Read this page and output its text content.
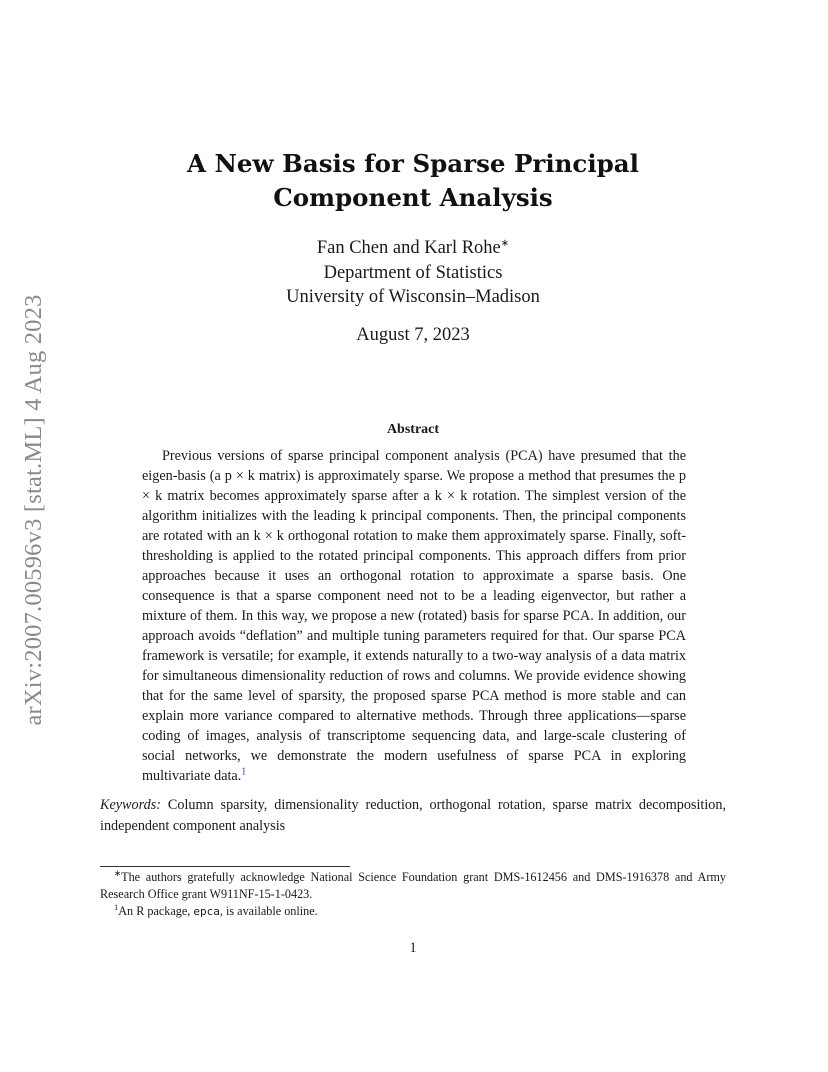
arXiv:2007.00596v3 [stat.ML] 4 Aug 2023
A New Basis for Sparse Principal
Component Analysis
Fan Chen and Karl Rohe∗
Department of Statistics
University of Wisconsin–Madison
August 7, 2023
Abstract

Previous versions of sparse principal component analysis (PCA) have presumed that the eigen-basis (a p × k matrix) is approximately sparse. We propose a method that presumes the p × k matrix becomes approximately sparse after a k × k rotation. The simplest version of the algorithm initializes with the leading k principal components. Then, the principal components are rotated with an k × k orthogonal rotation to make them approximately sparse. Finally, soft-thresholding is applied to the rotated principal components. This approach differs from prior approaches because it uses an orthogonal rotation to approximate a sparse basis. One consequence is that a sparse component need not to be a leading eigenvector, but rather a mixture of them. In this way, we propose a new (rotated) basis for sparse PCA. In addition, our approach avoids “deflation” and multiple tuning parameters required for that. Our sparse PCA framework is versatile; for example, it extends naturally to a two-way analysis of a data matrix for simultaneous dimensionality reduction of rows and columns. We provide evidence showing that for the same level of sparsity, the proposed sparse PCA method is more stable and can explain more variance compared to alternative methods. Through three applications—sparse coding of images, analysis of transcriptome sequencing data, and large-scale clustering of social networks, we demonstrate the modern usefulness of sparse PCA in exploring multivariate data.$^1$

Keywords: Column sparsity, dimensionality reduction, orthogonal rotation, sparse matrix decomposition, independent component analysis

∗The authors gratefully acknowledge National Science Foundation grant DMS-1612456 and DMS-1916378 and Army Research Office grant W911NF-15-1-0423.

$^1$An R package, epca, is available online.

1
